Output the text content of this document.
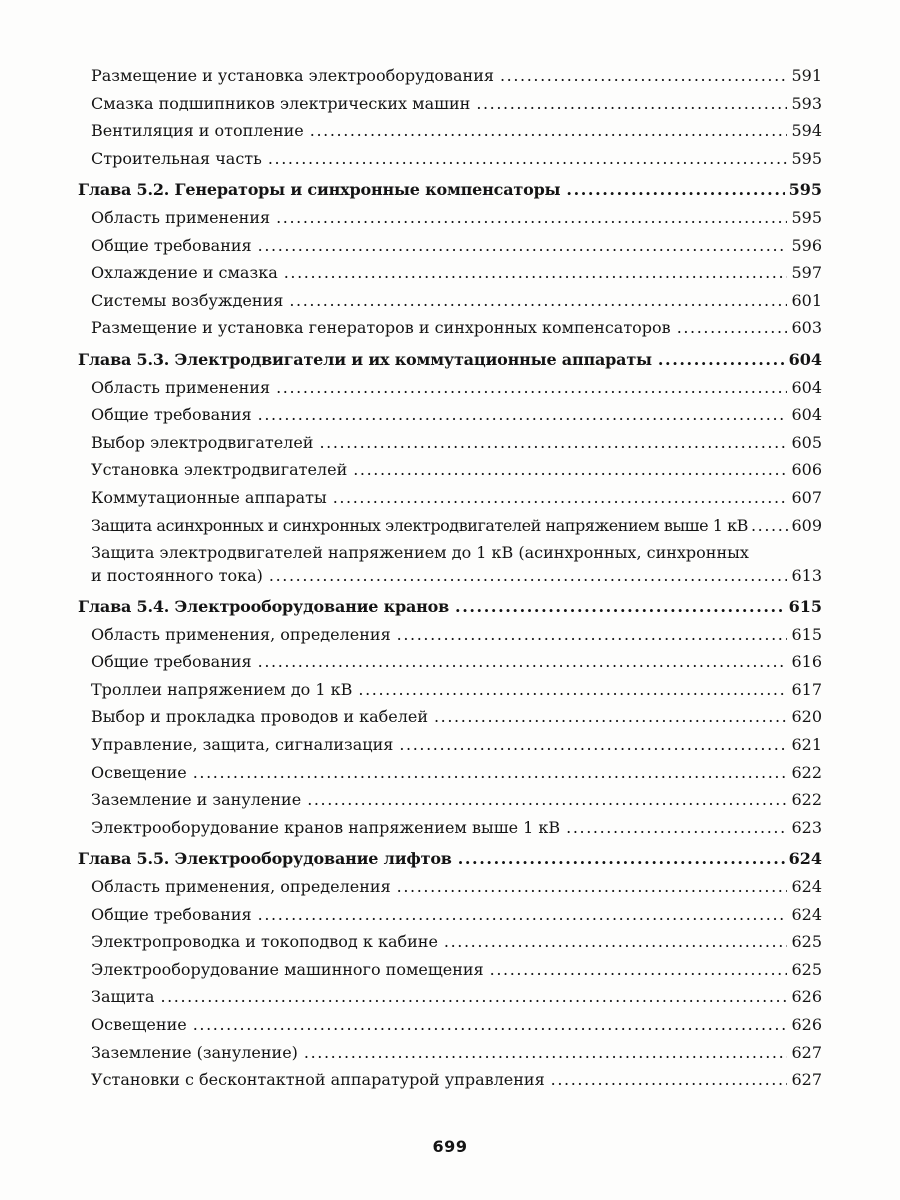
Размещение и установка электрооборудования .....	591
Смазка подшипников электрических машин .....	593
Вентиляция и отопление .....	594
Строительная часть .....	595
Глава 5.2. Генераторы и синхронные компенсаторы .....	595
Область применения .....	595
Общие требования .....	596
Охлаждение и смазка .....	597
Системы возбуждения .....	601
Размещение и установка генераторов и синхронных компенсаторов .....	603
Глава 5.3. Электродвигатели и их коммутационные аппараты .....	604
Область применения .....	604
Общие требования .....	604
Выбор электродвигателей .....	605
Установка электродвигателей .....	606
Коммутационные аппараты .....	607
Защита асинхронных и синхронных электродвигателей напряжением выше 1 кВ .....	609
Защита электродвигателей напряжением до 1 кВ (асинхронных, синхронных
и постоянного тока) .....	613
Глава 5.4. Электрооборудование кранов .....	615
Область применения, определения .....	615
Общие требования .....	616
Троллеи напряжением до 1 кВ .....	617
Выбор и прокладка проводов и кабелей .....	620
Управление, защита, сигнализация .....	621
Освещение .....	622
Заземление и зануление .....	622
Электрооборудование кранов напряжением выше 1 кВ .....	623
Глава 5.5. Электрооборудование лифтов .....	624
Область применения, определения .....	624
Общие требования .....	624
Электропроводка и токоподвод к кабине .....	625
Электрооборудование машинного помещения .....	625
Защита .....	626
Освещение .....	626
Заземление (зануление) .....	627
Установки с бесконтактной аппаратурой управления .....	627
699
